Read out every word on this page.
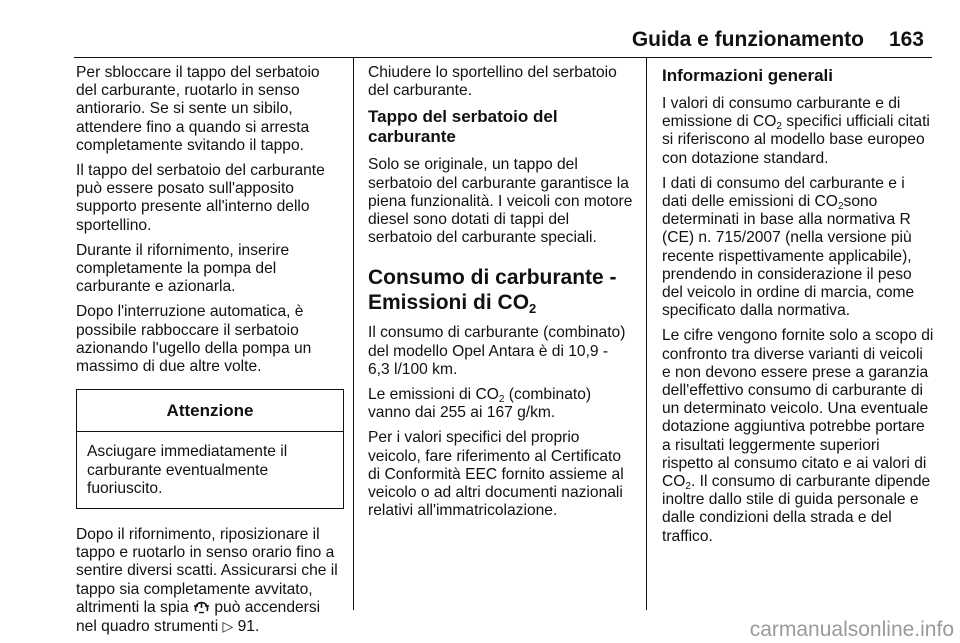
Guida e funzionamento 163

Per sbloccare il tappo del serbatoio del carburante, ruotarlo in senso antiorario. Se si sente un sibilo, attendere fino a quando si arresta completamente svitando il tappo.

Il tappo del serbatoio del carburante può essere posato sull'apposito supporto presente all'interno dello sportellino.

Durante il rifornimento, inserire completamente la pompa del carburante e azionarla.

Dopo l'interruzione automatica, è possibile rabboccare il serbatoio azionando l'ugello della pompa un massimo di due altre volte.

Attenzione
Asciugare immediatamente il carburante eventualmente fuoriuscito.

Dopo il rifornimento, riposizionare il tappo e ruotarlo in senso orario fino a sentire diversi scatti. Assicurarsi che il tappo sia completamente avvitato, altrimenti la spia può accendersi nel quadro strumenti ▷ 91.

Chiudere lo sportellino del serbatoio del carburante.

Tappo del serbatoio del carburante

Solo se originale, un tappo del serbatoio del carburante garantisce la piena funzionalità. I veicoli con motore diesel sono dotati di tappi del serbatoio del carburante speciali.

Consumo di carburante - Emissioni di $CO_2$

Il consumo di carburante (combinato) del modello Opel Antara è di 10,9 - 6,3 l/100 km.

Le emissioni di $CO_2$ (combinato) vanno dai 255 ai 167 g/km.

Per i valori specifici del proprio veicolo, fare riferimento al Certificato di Conformità EEC fornito assieme al veicolo o ad altri documenti nazionali relativi all'immatricolazione.

Informazioni generali

I valori di consumo carburante e di emissione di $CO_2$ specifici ufficiali citati si riferiscono al modello base europeo con dotazione standard.

I dati di consumo del carburante e i dati delle emissioni di $CO_2sono$ determinati in base alla normativa R (CE) n. 715/2007 (nella versione più recente rispettivamente applicabile), prendendo in considerazione il peso del veicolo in ordine di marcia, come specificato dalla normativa.

Le cifre vengono fornite solo a scopo di confronto tra diverse varianti di veicoli e non devono essere prese a garanzia dell'effettivo consumo di carburante di un determinato veicolo. Una eventuale dotazione aggiuntiva potrebbe portare a risultati leggermente superiori rispetto al consumo citato e ai valori di $CO_2$. Il consumo di carburante dipende inoltre dallo stile di guida personale e dalle condizioni della strada e del traffico.

carmanualsonline.info
